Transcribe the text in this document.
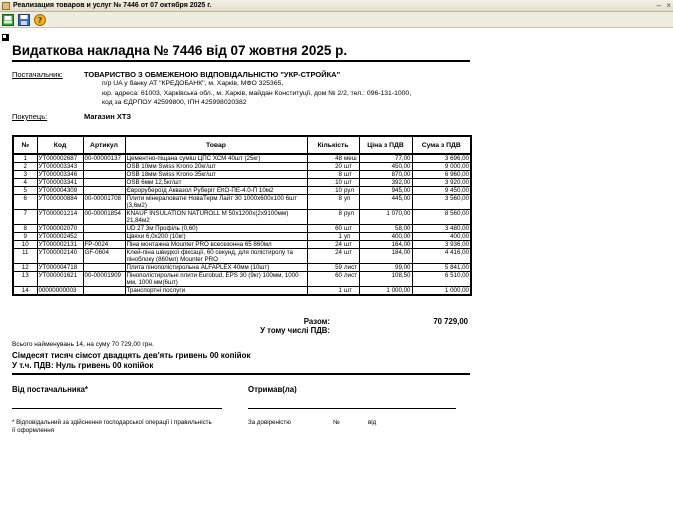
Реализация товаров и услуг № 7446 от 07 октября 2025 г.	– ×
?
Видаткова накладна № 7446 від 07 жовтня 2025 р.
Постачальник:	ТОВАРИСТВО З ОБМЕЖЕНОЮ ВІДПОВІДАЛЬНІСТЮ "УКР-СТРОЙКА"
п/р UA у банку АТ "КРЕДОБАНК", м. Харків, МФО 325365,
юр. адреса: 61003, Харківська обл., м. Харків, майдан Конституції, дом № 2/2, тел.: 096-131-1000,
код за ЄДРПОУ 42599800, ІПН 425998020382
Покупець:	Магазин ХТЗ
№	Код	Артикул	Товар	Кількість		Ціна з ПДВ	Сума з ПДВ
1	УТ000002687	00-00000137	Цементно-піщана суміш ЦПС ХСМ 40шт (25кг)	48	меш	77,00	3 696,00
2	УТ000003343		OSB 10мм Swiss Krono 20кг/шт	20	шт	450,00	9 000,00
3	УТ000003346		OSB 18мм Swiss Krono 35кг/шт	8	шт	870,00	6 960,00
4	УТ000003341		OSB 6мм 12,5кг/шт	10	шт	392,00	3 920,00
5	УТ000004309		Єврорубероїд Аквазол Руберіт ЕКО-ПЕ-4.0-П 10м2	10	рул	945,00	9 450,00
6	УТ000000884	00-00001708	Плити мінераловатні НоваТерм Лайт 30 1000х600х100 6шт (3,6м2)	8	уп	445,00	3 560,00
7	УТ000001214	00-00001854	KNAUF INSULATION NATUROLL M 50х1200х(2х9100мм) 21,84м2	8	рул	1 070,00	8 560,00
8	УТ000002070		UD 27 3м Профіль (0,60)	60	шт	58,00	3 480,00
9	УТ000002452		Цвяхи 6,0х200 (10кг)	1	уп	400,00	400,00
10	УТ000002131	FP-0024	Піна монтажна Mounter PRO всесезонна 65 860мл	24	шт	164,00	3 936,00
11	УТ000002140	GF-0604	Клей-піна швидкої фіксації, 60 секунд, для полістиролу та піноблоку (860мл) Mounter PRO	24	шт	184,00	4 416,00
12	УТ000004718		Плита пінополістирольна ALFAPLEX 40мм (10шт)	59	лист	99,00	5 841,00
13	УТ000001621	00-00001909	Пінополістирольні плити Eurobud, EPS 30 (9кг) 100мм, 1000 мм, 1000 мм(6шт)	60	лист	108,50	6 510,00
14	00000000003		Транспортні послуги	1	шт	1 000,00	1 000,00
Разом:	70 729,00
У тому числі ПДВ:
Всього найменувань 14, на суму 70 729,00 грн.
Сімдесят тисяч сімсот двадцять дев'ять гривень 00 копійок
У т.ч. ПДВ: Нуль гривень 00 копійок
Від постачальника*	Отримав(ла)
* Відповідальний за здійснення господарської операції і правильність її оформлення
За довіреністю	№	від
